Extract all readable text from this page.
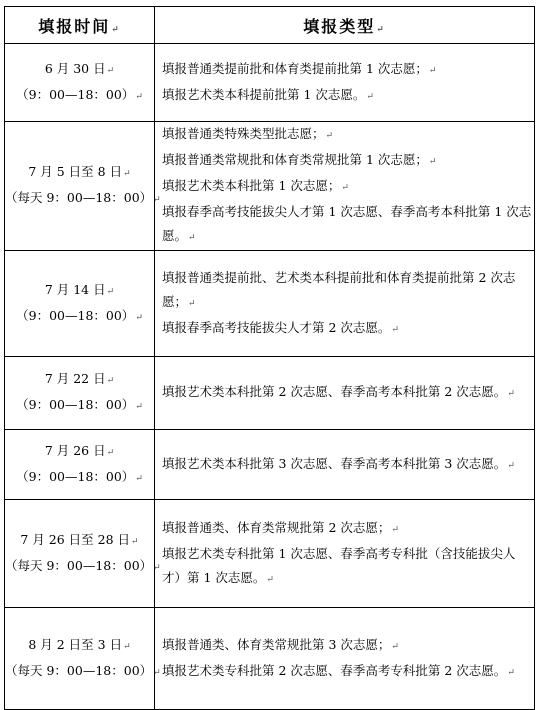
填报时间↵	填报类型↵

6 月 30 日↵
（9：00—18：00）↵	填报普通类提前批和体育类提前批第 1 次志愿；↵
填报艺术类本科提前批第 1 次志愿。↵

7 月 5 日至 8 日↵
（每天 9：00—18：00）↵	填报普通类特殊类型批志愿；↵
填报普通类常规批和体育类常规批第 1 次志愿；↵
填报艺术类本科批第 1 次志愿；↵
填报春季高考技能拔尖人才第 1 次志愿、春季高考本科批第 1 次志愿。↵

7 月 14 日↵
（9：00—18：00）↵	填报普通类提前批、艺术类本科提前批和体育类提前批第 2 次志愿；↵
填报春季高考技能拔尖人才第 2 次志愿。↵

7 月 22 日↵
（9：00—18：00）↵	填报艺术类本科批第 2 次志愿、春季高考本科批第 2 次志愿。↵

7 月 26 日↵
（9：00—18：00）↵	填报艺术类本科批第 3 次志愿、春季高考本科批第 3 次志愿。↵

7 月 26 日至 28 日↵
（每天 9：00—18：00）↵	填报普通类、体育类常规批第 2 次志愿；↵
填报艺术类专科批第 1 次志愿、春季高考专科批（含技能拔尖人才）第 1 次志愿。↵

8 月 2 日至 3 日↵
（每天 9：00—18：00）↵	填报普通类、体育类常规批第 3 次志愿；↵
填报艺术类专科批第 2 次志愿、春季高考专科批第 2 次志愿。↵
